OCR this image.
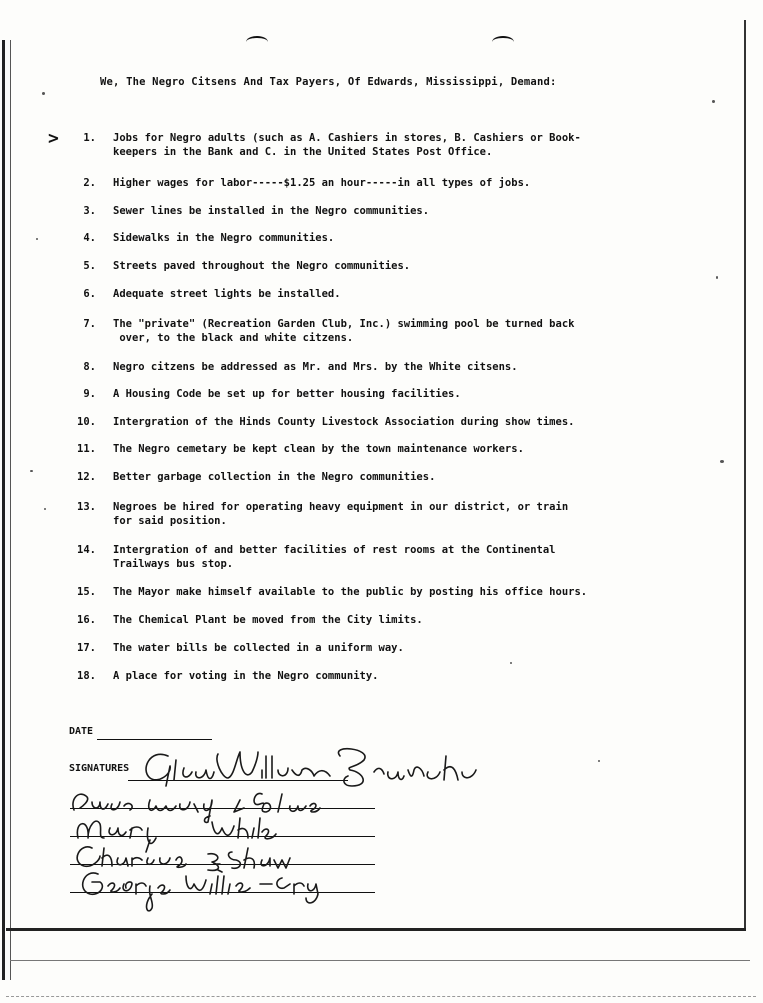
We, The Negro Citsens And Tax Payers, Of Edwards, Mississippi, Demand:
>	1. Jobs for Negro adults (such as A. Cashiers in stores, B. Cashiers or Book-
keepers in the Bank and C. in the United States Post Office.
2. Higher wages for labor-----$1.25 an hour-----in all types of jobs.
3. Sewer lines be installed in the Negro communities.
4. Sidewalks in the Negro communities.
5. Streets paved throughout the Negro communities.
6. Adequate street lights be installed.
7. The "private" (Recreation Garden Club, Inc.) swimming pool be turned back
over, to the black and white citzens.
8. Negro citzens be addressed as Mr. and Mrs. by the White citsens.
9. A Housing Code be set up for better housing facilities.
10. Intergration of the Hinds County Livestock Association during show times.
11. The Negro cemetary be kept clean by the town maintenance workers.
12. Better garbage collection in the Negro communities.
13. Negroes be hired for operating heavy equipment in our district, or train
for said position.
14. Intergration of and better facilities of rest rooms at the Continental
Trailways bus stop.
15. The Mayor make himself available to the public by posting his office hours.
16. The Chemical Plant be moved from the City limits.
17. The water bills be collected in a uniform way.
18. A place for voting in the Negro community.
DATE
SIGNATURES
